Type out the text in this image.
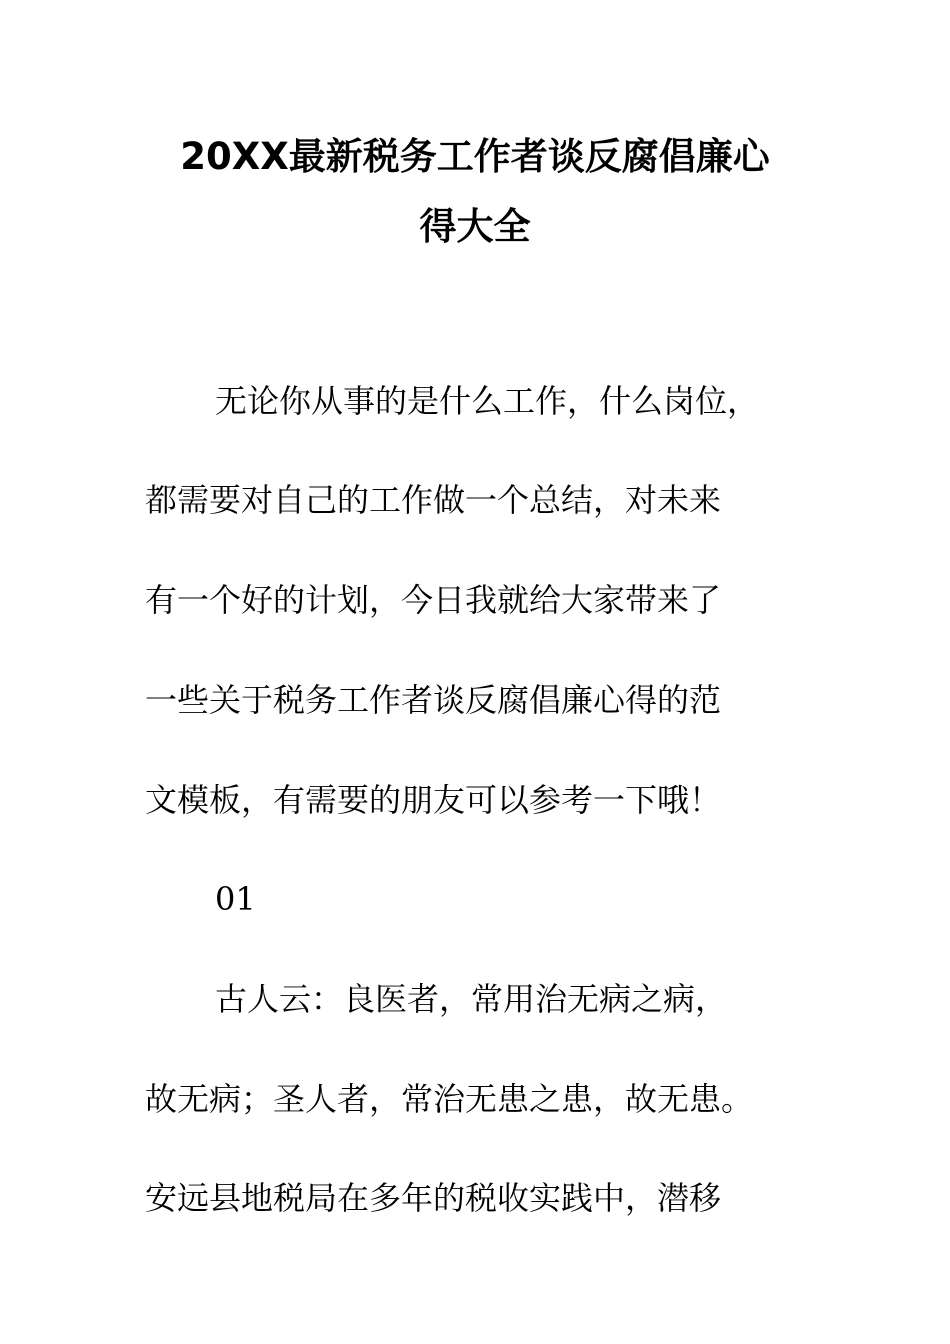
20XX最新税务工作者谈反腐倡廉心
得大全
无论你从事的是什么工作，什么岗位，
都需要对自己的工作做一个总结，对未来
有一个好的计划，今日我就给大家带来了
一些关于税务工作者谈反腐倡廉心得的范
文模板，有需要的朋友可以参考一下哦！
01
古人云：良医者，常用治无病之病，
故无病；圣人者，常治无患之患，故无患。
安远县地税局在多年的税收实践中，潜移
